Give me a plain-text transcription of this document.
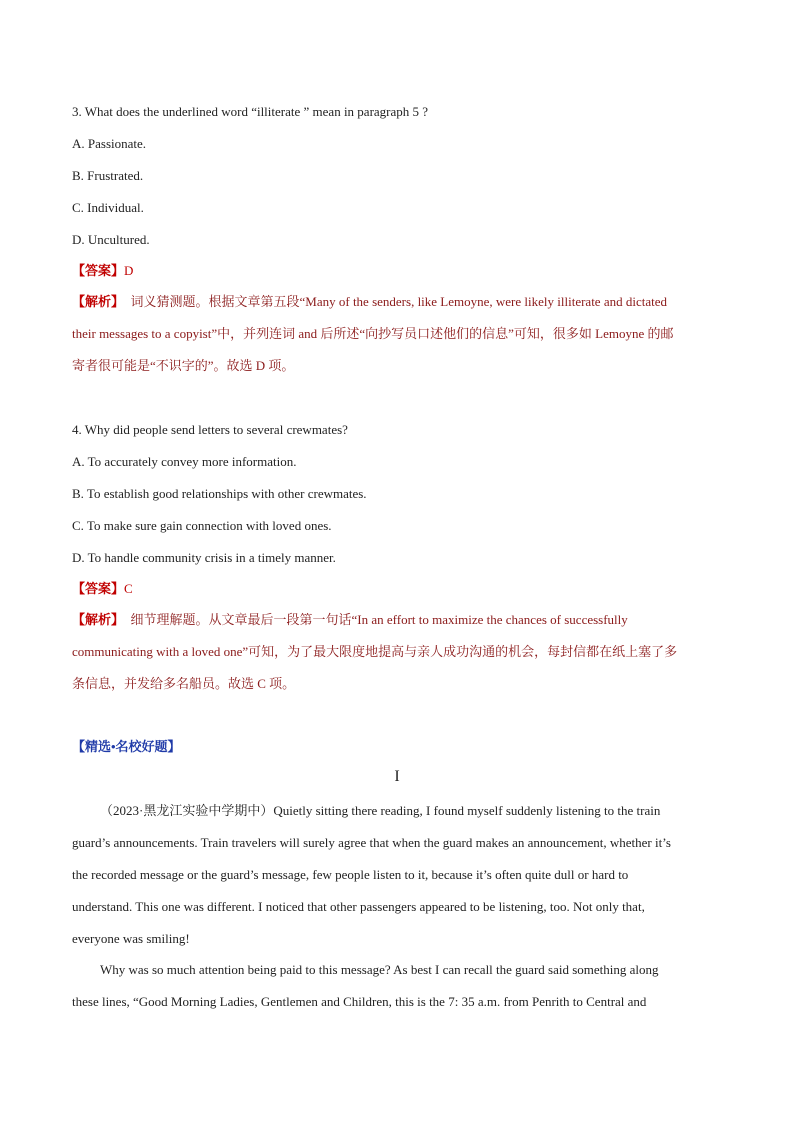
3. What does the underlined word “illiterate ” mean in paragraph 5 ?
A. Passionate.
B. Frustrated.
C. Individual.
D. Uncultured.
【答案】D
【解析】 词义猜测题。根据文章第五段“Many of the senders, like Lemoyne, were likely illiterate and dictated
their messages to a copyist”中，并列连词 and 后所述“向抄写员口述他们的信息”可知，很多如 Lemoyne 的邮
寄者很可能是“不识字的”。故选 D 项。
4. Why did people send letters to several crewmates?
A. To accurately convey more information.
B. To establish good relationships with other crewmates.
C. To make sure gain connection with loved ones.
D. To handle community crisis in a timely manner.
【答案】C
【解析】 细节理解题。从文章最后一段第一句话“In an effort to maximize the chances of successfully
communicating with a loved one”可知，为了最大限度地提高与亲人成功沟通的机会，每封信都在纸上塞了多
条信息，并发给多名船员。故选 C 项。
【精选•名校好题】
I
（2023·黑龙江实验中学期中）Quietly sitting there reading, I found myself suddenly listening to the train
guard’s announcements. Train travelers will surely agree that when the guard makes an announcement, whether it’s
the recorded message or the guard’s message, few people listen to it, because it’s often quite dull or hard to
understand. This one was different. I noticed that other passengers appeared to be listening, too. Not only that,
everyone was smiling!
Why was so much attention being paid to this message? As best I can recall the guard said something along
these lines, “Good Morning Ladies, Gentlemen and Children, this is the 7: 35 a.m. from Penrith to Central and
